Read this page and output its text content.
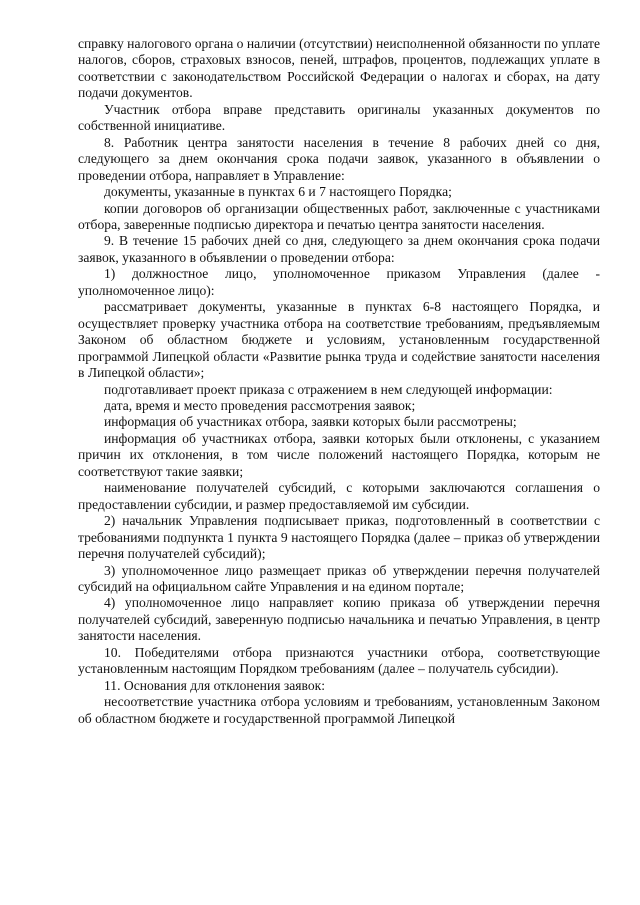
справку налогового органа о наличии (отсутствии) неисполненной обязанности по уплате налогов, сборов, страховых взносов, пеней, штрафов, процентов, подлежащих уплате в соответствии с законодательством Российской Федерации о налогах и сборах, на дату подачи документов.

Участник отбора вправе представить оригиналы указанных документов по собственной инициативе.

8. Работник центра занятости населения в течение 8 рабочих дней со дня, следующего за днем окончания срока подачи заявок, указанного в объявлении о проведении отбора, направляет в Управление:

документы, указанные в пунктах 6 и 7 настоящего Порядка;

копии договоров об организации общественных работ, заключенные с участниками отбора, заверенные подписью директора и печатью центра занятости населения.

9. В течение 15 рабочих дней со дня, следующего за днем окончания срока подачи заявок, указанного в объявлении о проведении отбора:

1) должностное лицо, уполномоченное приказом Управления (далее - уполномоченное лицо):

рассматривает документы, указанные в пунктах 6-8 настоящего Порядка, и осуществляет проверку участника отбора на соответствие требованиям, предъявляемым Законом об областном бюджете и условиям, установленным государственной программой Липецкой области «Развитие рынка труда и содействие занятости населения в Липецкой области»;

подготавливает проект приказа с отражением в нем следующей информации:

дата, время и место проведения рассмотрения заявок;

информация об участниках отбора, заявки которых были рассмотрены;

информация об участниках отбора, заявки которых были отклонены, с указанием причин их отклонения, в том числе положений настоящего Порядка, которым не соответствуют такие заявки;

наименование получателей субсидий, с которыми заключаются соглашения о предоставлении субсидии, и размер предоставляемой им субсидии.

2) начальник Управления подписывает приказ, подготовленный в соответствии с требованиями подпункта 1 пункта 9 настоящего Порядка (далее – приказ об утверждении перечня получателей субсидий);

3) уполномоченное лицо размещает приказ об утверждении перечня получателей субсидий на официальном сайте Управления и на едином портале;

4) уполномоченное лицо направляет копию приказа об утверждении перечня получателей субсидий, заверенную подписью начальника и печатью Управления, в центр занятости населения.

10. Победителями отбора признаются участники отбора, соответствующие установленным настоящим Порядком требованиям (далее – получатель субсидии).

11. Основания для отклонения заявок:

несоответствие участника отбора условиям и требованиям, установленным Законом об областном бюджете и государственной программой Липецкой
